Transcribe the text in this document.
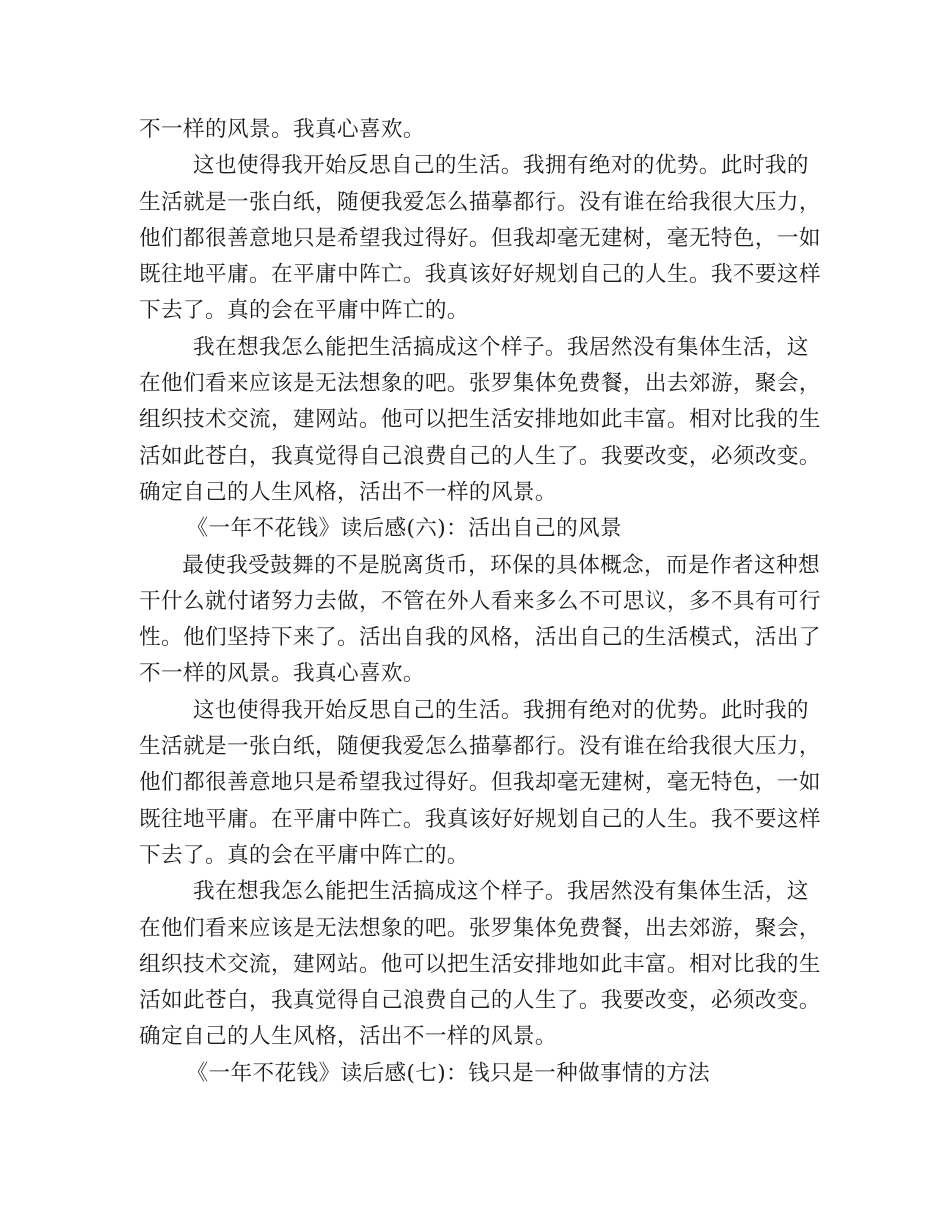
不一样的风景。我真心喜欢。
这也使得我开始反思自己的生活。我拥有绝对的优势。此时我的
生活就是一张白纸，随便我爱怎么描摹都行。没有谁在给我很大压力，
他们都很善意地只是希望我过得好。但我却毫无建树，毫无特色，一如
既往地平庸。在平庸中阵亡。我真该好好规划自己的人生。我不要这样
下去了。真的会在平庸中阵亡的。
我在想我怎么能把生活搞成这个样子。我居然没有集体生活，这
在他们看来应该是无法想象的吧。张罗集体免费餐，出去郊游，聚会，
组织技术交流，建网站。他可以把生活安排地如此丰富。相对比我的生
活如此苍白，我真觉得自己浪费自己的人生了。我要改变，必须改变。
确定自己的人生风格，活出不一样的风景。
《一年不花钱》读后感(六)：活出自己的风景
最使我受鼓舞的不是脱离货币，环保的具体概念，而是作者这种想
干什么就付诸努力去做，不管在外人看来多么不可思议，多不具有可行
性。他们坚持下来了。活出自我的风格，活出自己的生活模式，活出了
不一样的风景。我真心喜欢。
这也使得我开始反思自己的生活。我拥有绝对的优势。此时我的
生活就是一张白纸，随便我爱怎么描摹都行。没有谁在给我很大压力，
他们都很善意地只是希望我过得好。但我却毫无建树，毫无特色，一如
既往地平庸。在平庸中阵亡。我真该好好规划自己的人生。我不要这样
下去了。真的会在平庸中阵亡的。
我在想我怎么能把生活搞成这个样子。我居然没有集体生活，这
在他们看来应该是无法想象的吧。张罗集体免费餐，出去郊游，聚会，
组织技术交流，建网站。他可以把生活安排地如此丰富。相对比我的生
活如此苍白，我真觉得自己浪费自己的人生了。我要改变，必须改变。
确定自己的人生风格，活出不一样的风景。
《一年不花钱》读后感(七)：钱只是一种做事情的方法
